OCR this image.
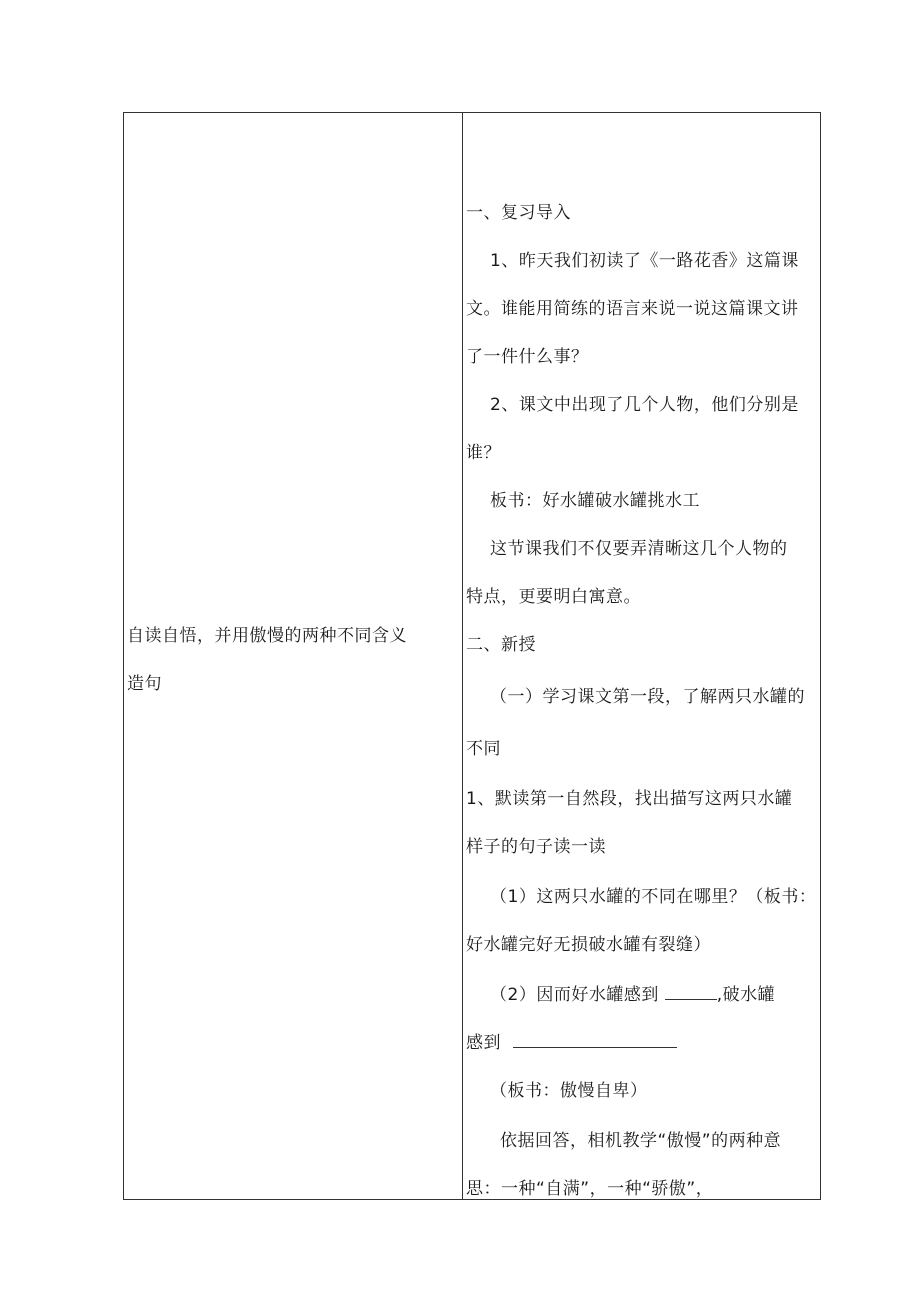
自读自悟，并用傲慢的两种不同含义
造句
一、复习导入
1、昨天我们初读了《一路花香》这篇课
文。谁能用简练的语言来说一说这篇课文讲
了一件什么事？
2、课文中出现了几个人物，他们分别是
谁？
板书：好水罐破水罐挑水工
这节课我们不仅要弄清晰这几个人物的
特点，更要明白寓意。
二、新授
（一）学习课文第一段，了解两只水罐的
不同
1、默读第一自然段，找出描写这两只水罐
样子的句子读一读
（1）这两只水罐的不同在哪里？（板书：
好水罐完好无损破水罐有裂缝）
（2）因而好水罐感到	,破水罐
感到
（板书：傲慢自卑）
依据回答，相机教学“傲慢”的两种意
思：一种“自满”，一种“骄傲”，
